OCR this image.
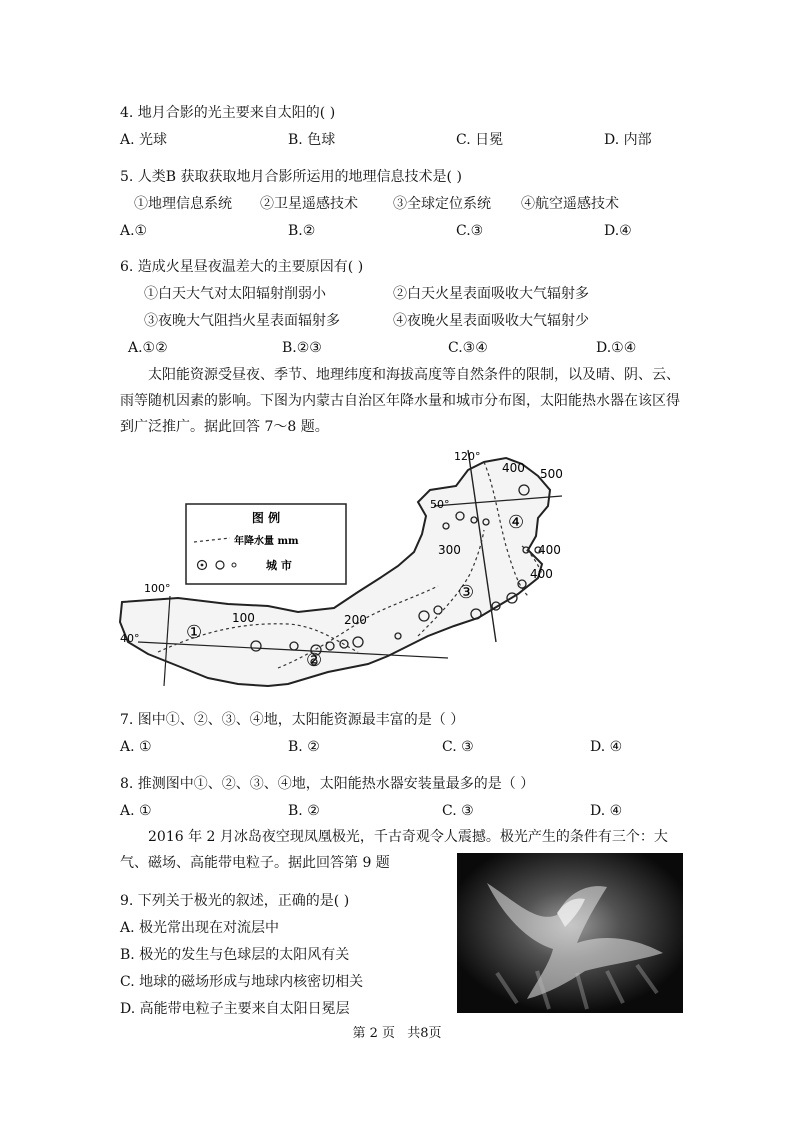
4. 地月合影的光主要来自太阳的( )
A. 光球	B. 色球	C. 日冕	D. 内部
5. 人类B 获取获取地月合影所运用的地理信息技术是( )
①地理信息系统 ②卫星遥感技术	③全球定位系统 ④航空遥感技术
A.①	B.②	C.③	D.④
6. 造成火星昼夜温差大的主要原因有( )
①白天大气对太阳辐射削弱小	②白天火星表面吸收大气辐射多
③夜晚大气阻挡火星表面辐射多	④夜晚火星表面吸收大气辐射少
A.①②	B.②③	C.③④	D.①④
太阳能资源受昼夜、季节、地理纬度和海拔高度等自然条件的限制，以及晴、阴、云、雨等随机因素的影响。下图为内蒙古自治区年降水量和城市分布图，太阳能热水器在该区得到广泛推广。据此回答 7～8 题。
图 例
年降水量 mm
城 市
120°
100°
50°
40°
400 500
300	400
400
200
100
①
②
③
④
7. 图中①、②、③、④地，太阳能资源最丰富的是（ ）
A. ①	B. ②	C. ③	D. ④
8. 推测图中①、②、③、④地，太阳能热水器安装量最多的是（ ）
A. ①	B. ②	C. ③	D. ④
2016 年 2 月冰岛夜空现凤凰极光，千古奇观令人震撼。极光产生的条件有三个：大气、磁场、高能带电粒子。据此回答第 9 题
9. 下列关于极光的叙述，正确的是( )
A. 极光常出现在对流层中
B. 极光的发生与色球层的太阳风有关
C. 地球的磁场形成与地球内核密切相关
D. 高能带电粒子主要来自太阳日冕层
第 2 页 共8页
